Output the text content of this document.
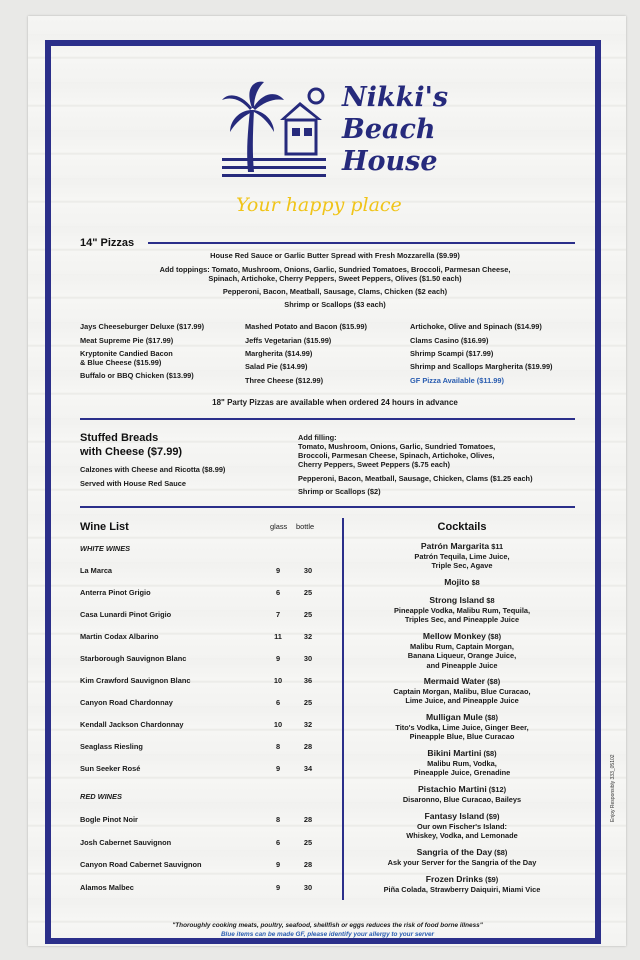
Nikki's
Beach
House
Your happy place
14" Pizzas
House Red Sauce or Garlic Butter Spread with Fresh Mozzarella ($9.99)
Add toppings: Tomato, Mushroom, Onions, Garlic, Sundried Tomatoes, Broccoli, Parmesan Cheese,
Spinach, Artichoke, Cherry Peppers, Sweet Peppers, Olives ($1.50 each)
Pepperoni, Bacon, Meatball, Sausage, Clams, Chicken ($2 each)
Shrimp or Scallops ($3 each)
Jays Cheeseburger Deluxe ($17.99)
Meat Supreme Pie ($17.99)
Kryptonite Candied Bacon
& Blue Cheese ($15.99)
Buffalo or BBQ Chicken ($13.99)
Mashed Potato and Bacon ($15.99)
Jeffs Vegetarian ($15.99)
Margherita ($14.99)
Salad Pie ($14.99)
Three Cheese ($12.99)
Artichoke, Olive and Spinach ($14.99)
Clams Casino ($16.99)
Shrimp Scampi ($17.99)
Shrimp and Scallops Margherita ($19.99)
GF Pizza Available ($11.99)
18" Party Pizzas are available when ordered 24 hours in advance
Stuffed Breads
with Cheese ($7.99)
Calzones with Cheese and Ricotta ($8.99)
Served with House Red Sauce
Add filling:
Tomato, Mushroom, Onions, Garlic, Sundried Tomatoes,
Broccoli, Parmesan Cheese, Spinach, Artichoke, Olives,
Cherry Peppers, Sweet Peppers ($.75 each)
Pepperoni, Bacon, Meatball, Sausage, Chicken, Clams ($1.25 each)
Shrimp or Scallops ($2)
Wine List	glass bottle
WHITE WINES
La Marca	9	30
Anterra Pinot Grigio	6	25
Casa Lunardi Pinot Grigio	7	25
Martin Codax Albarino	11	32
Starborough Sauvignon Blanc	9	30
Kim Crawford Sauvignon Blanc	10	36
Canyon Road Chardonnay	6	25
Kendall Jackson Chardonnay	10	32
Seaglass Riesling	8	28
Sun Seeker Rosé	9	34
RED WINES
Bogle Pinot Noir	8	28
Josh Cabernet Sauvignon	6	25
Canyon Road Cabernet Sauvignon	9	28
Alamos Malbec	9	30
Cocktails
Patrón Margarita $11
Patrón Tequila, Lime Juice,
Triple Sec, Agave
Mojito $8
Strong Island $8
Pineapple Vodka, Malibu Rum, Tequila,
Triples Sec, and Pineapple Juice
Mellow Monkey ($8)
Malibu Rum, Captain Morgan,
Banana Liqueur, Orange Juice,
and Pineapple Juice
Mermaid Water ($8)
Captain Morgan, Malibu, Blue Curacao,
Lime Juice, and Pineapple Juice
Mulligan Mule ($8)
Tito's Vodka, Lime Juice, Ginger Beer,
Pineapple Blue, Blue Curacao
Bikini Martini ($8)
Malibu Rum, Vodka,
Pineapple Juice, Grenadine
Pistachio Martini ($12)
Disaronno, Blue Curacao, Baileys
Fantasy Island ($9)
Our own Fischer's Island:
Whiskey, Vodka, and Lemonade
Sangria of the Day ($8)
Ask your Server for the Sangria of the Day
Frozen Drinks ($9)
Piña Colada, Strawberry Daiquiri, Miami Vice
"Thoroughly cooking meats, poultry, seafood, shellfish or eggs reduces the risk of food borne illness"
Blue items can be made GF, please identify your allergy to your server
Enjoy Responsibly 333_05102
